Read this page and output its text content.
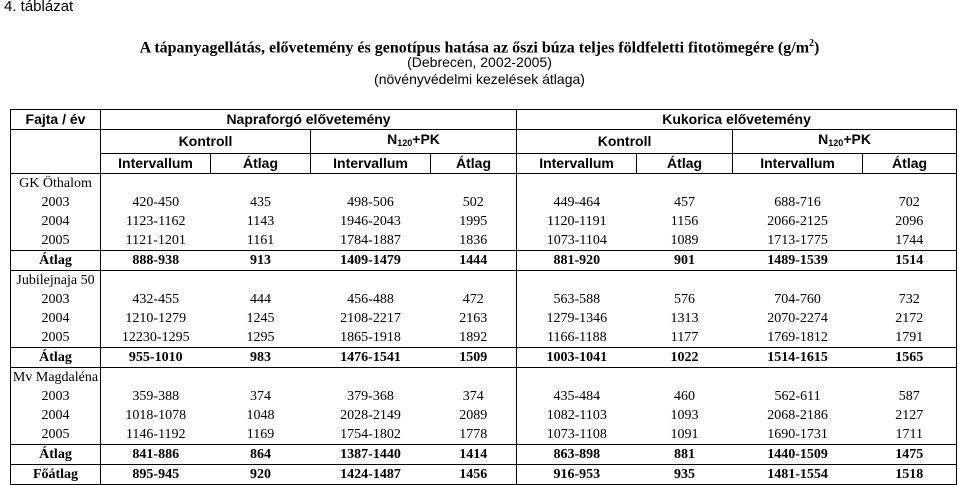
4. táblázat
A tápanyagellátás, elővetemény és genotípus hatása az őszi búza teljes földfeletti fitotömegére $(g/m^2)$
(Debrecen, 2002-2005)
(növényvédelmi kezelések átlaga)
Fajta / év	Napraforgó elővetemény				Kukorica elővetemény			
	Kontroll		N120+PK		Kontroll		N120+PK	
	Intervallum	Átlag	Intervallum	Átlag	Intervallum	Átlag	Intervallum	Átlag
GK Öthalom								
2003	420-450	435	498-506	502	449-464	457	688-716	702
2004	1123-1162	1143	1946-2043	1995	1120-1191	1156	2066-2125	2096
2005	1121-1201	1161	1784-1887	1836	1073-1104	1089	1713-1775	1744
Átlag	888-938	913	1409-1479	1444	881-920	901	1489-1539	1514
Jubilejnaja 50								
2003	432-455	444	456-488	472	563-588	576	704-760	732
2004	1210-1279	1245	2108-2217	2163	1279-1346	1313	2070-2274	2172
2005	12230-1295	1295	1865-1918	1892	1166-1188	1177	1769-1812	1791
Átlag	955-1010	983	1476-1541	1509	1003-1041	1022	1514-1615	1565
Mv Magdaléna								
2003	359-388	374	379-368	374	435-484	460	562-611	587
2004	1018-1078	1048	2028-2149	2089	1082-1103	1093	2068-2186	2127
2005	1146-1192	1169	1754-1802	1778	1073-1108	1091	1690-1731	1711
Átlag	841-886	864	1387-1440	1414	863-898	881	1440-1509	1475
Főátlag	895-945	920	1424-1487	1456	916-953	935	1481-1554	1518
